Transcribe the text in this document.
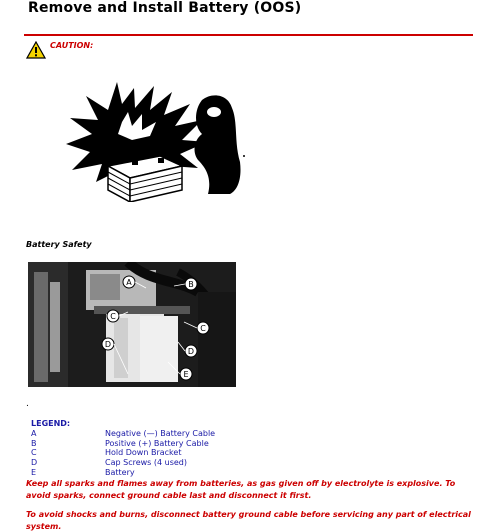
Remove and Install Battery (OOS)
CAUTION:
Battery Safety
A	B
C
C
D
D
E
.
LEGEND:
A	Negative (—) Battery Cable
B	Positive (+) Battery Cable
C	Hold Down Bracket
D	Cap Screws (4 used)
E	Battery
Keep all sparks and flames away from batteries, as gas given off by electrolyte is explosive. To avoid sparks, connect ground cable last and disconnect it first.
To avoid shocks and burns, disconnect battery ground cable before servicing any part of electrical system.
